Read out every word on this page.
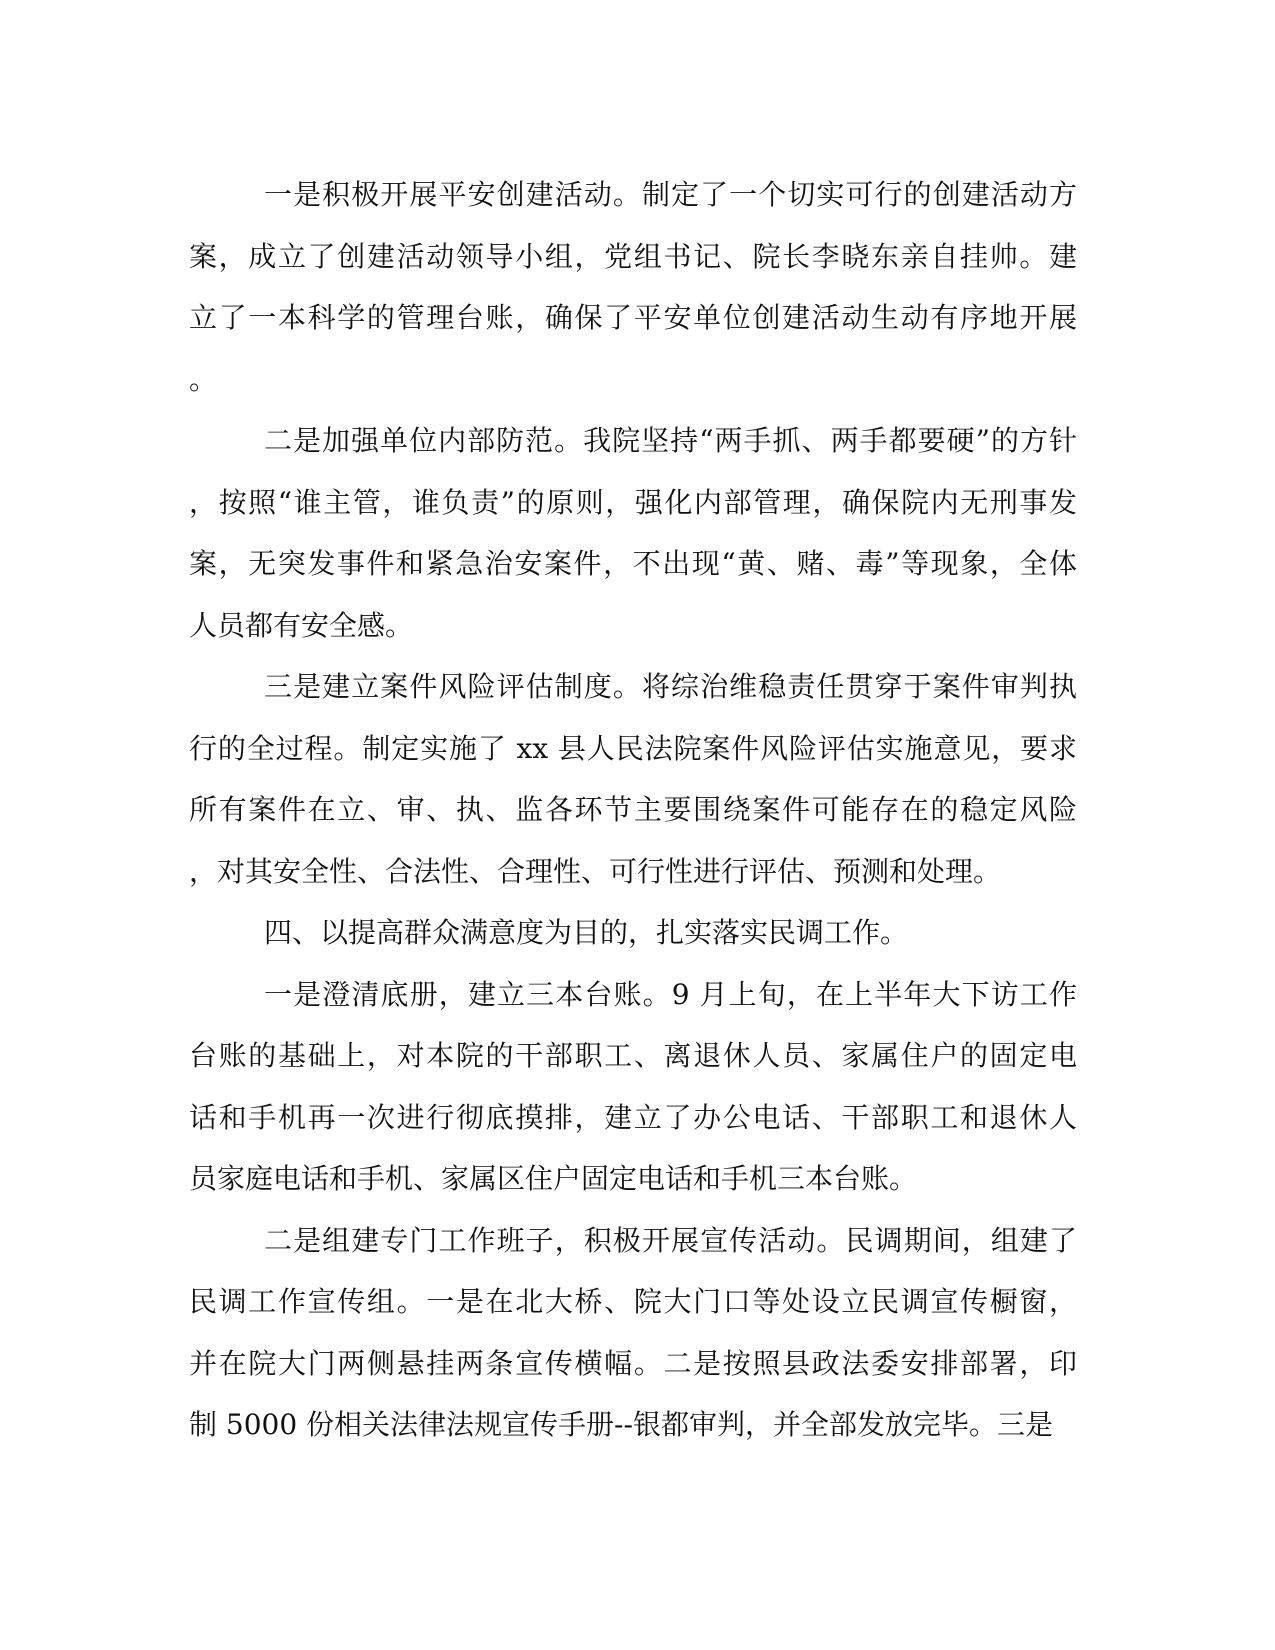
一是积极开展平安创建活动。制定了一个切实可行的创建活动方
案，成立了创建活动领导小组，党组书记、院长李晓东亲自挂帅。建
立了一本科学的管理台账，确保了平安单位创建活动生动有序地开展
。
二是加强单位内部防范。我院坚持“两手抓、两手都要硬”的方针
，按照“谁主管，谁负责”的原则，强化内部管理，确保院内无刑事发
案，无突发事件和紧急治安案件，不出现“黄、赌、毒”等现象，全体
人员都有安全感。
三是建立案件风险评估制度。将综治维稳责任贯穿于案件审判执
行的全过程。制定实施了 xx 县人民法院案件风险评估实施意见，要求
所有案件在立、审、执、监各环节主要围绕案件可能存在的稳定风险
，对其安全性、合法性、合理性、可行性进行评估、预测和处理。
四、以提高群众满意度为目的，扎实落实民调工作。
一是澄清底册，建立三本台账。9 月上旬，在上半年大下访工作
台账的基础上，对本院的干部职工、离退休人员、家属住户的固定电
话和手机再一次进行彻底摸排，建立了办公电话、干部职工和退休人
员家庭电话和手机、家属区住户固定电话和手机三本台账。
二是组建专门工作班子，积极开展宣传活动。民调期间，组建了
民调工作宣传组。一是在北大桥、院大门口等处设立民调宣传橱窗，
并在院大门两侧悬挂两条宣传横幅。二是按照县政法委安排部署，印
制 5000 份相关法律法规宣传手册--银都审判，并全部发放完毕。三是
